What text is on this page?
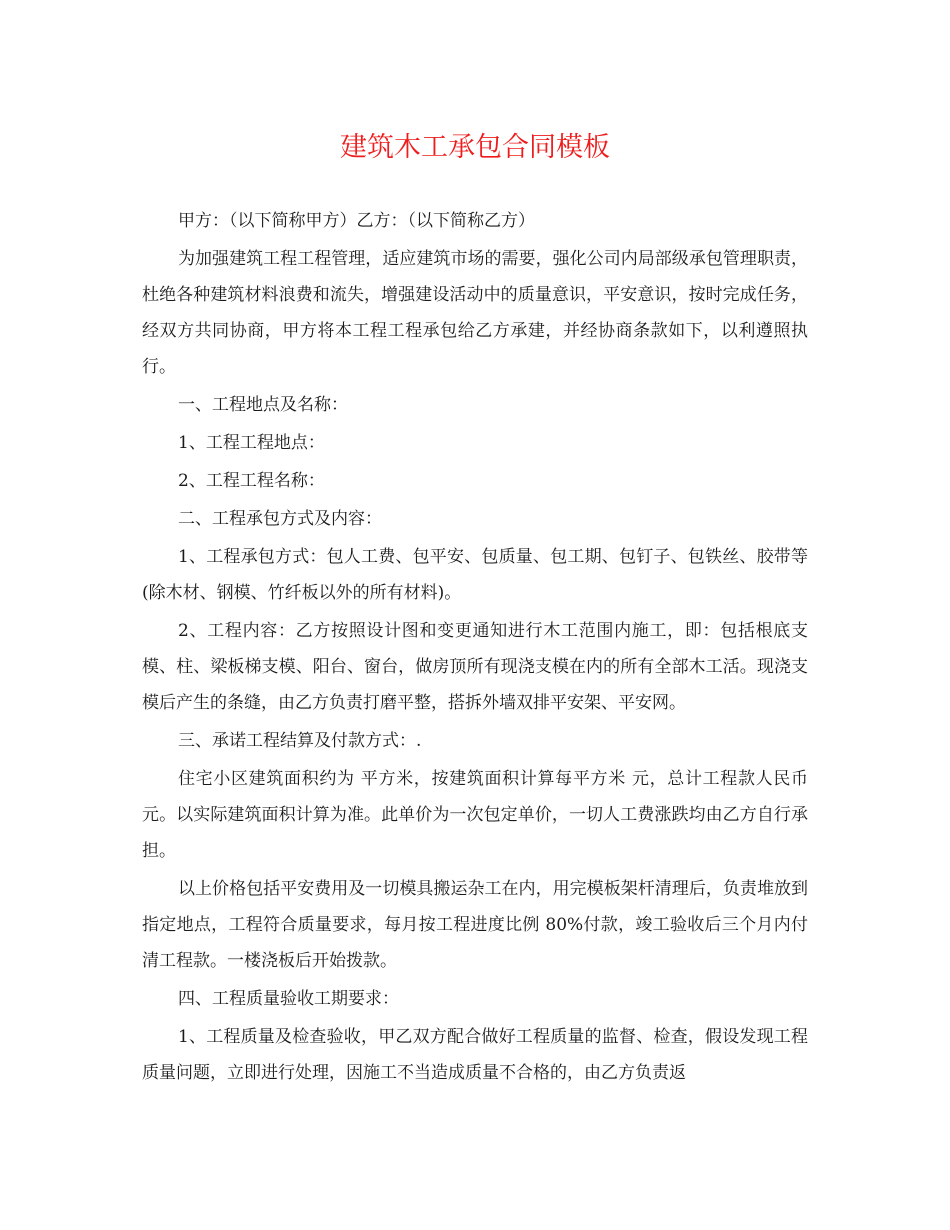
建筑木工承包合同模板

甲方：（以下简称甲方）乙方：（以下简称乙方）

为加强建筑工程工程管理，适应建筑市场的需要，强化公司内局部级承包管理职责，杜绝各种建筑材料浪费和流失，增强建设活动中的质量意识，平安意识，按时完成任务，经双方共同协商，甲方将本工程工程承包给乙方承建，并经协商条款如下，以利遵照执行。

一、工程地点及名称：

1、工程工程地点：

2、工程工程名称：

二、工程承包方式及内容：

1、工程承包方式：包人工费、包平安、包质量、包工期、包钉子、包铁丝、胶带等(除木材、钢模、竹纤板以外的所有材料)。

2、工程内容：乙方按照设计图和变更通知进行木工范围内施工，即：包括根底支模、柱、梁板梯支模、阳台、窗台，做房顶所有现浇支模在内的所有全部木工活。现浇支模后产生的条缝，由乙方负责打磨平整，搭拆外墙双排平安架、平安网。

三、承诺工程结算及付款方式：.

住宅小区建筑面积约为 平方米，按建筑面积计算每平方米 元，总计工程款人民币 元。以实际建筑面积计算为准。此单价为一次包定单价，一切人工费涨跌均由乙方自行承担。

以上价格包括平安费用及一切模具搬运杂工在内，用完模板架杆清理后，负责堆放到指定地点，工程符合质量要求，每月按工程进度比例 80%付款，竣工验收后三个月内付清工程款。一楼浇板后开始拨款。

四、工程质量验收工期要求：

1、工程质量及检查验收，甲乙双方配合做好工程质量的监督、检查，假设发现工程质量问题，立即进行处理，因施工不当造成质量不合格的，由乙方负责返
